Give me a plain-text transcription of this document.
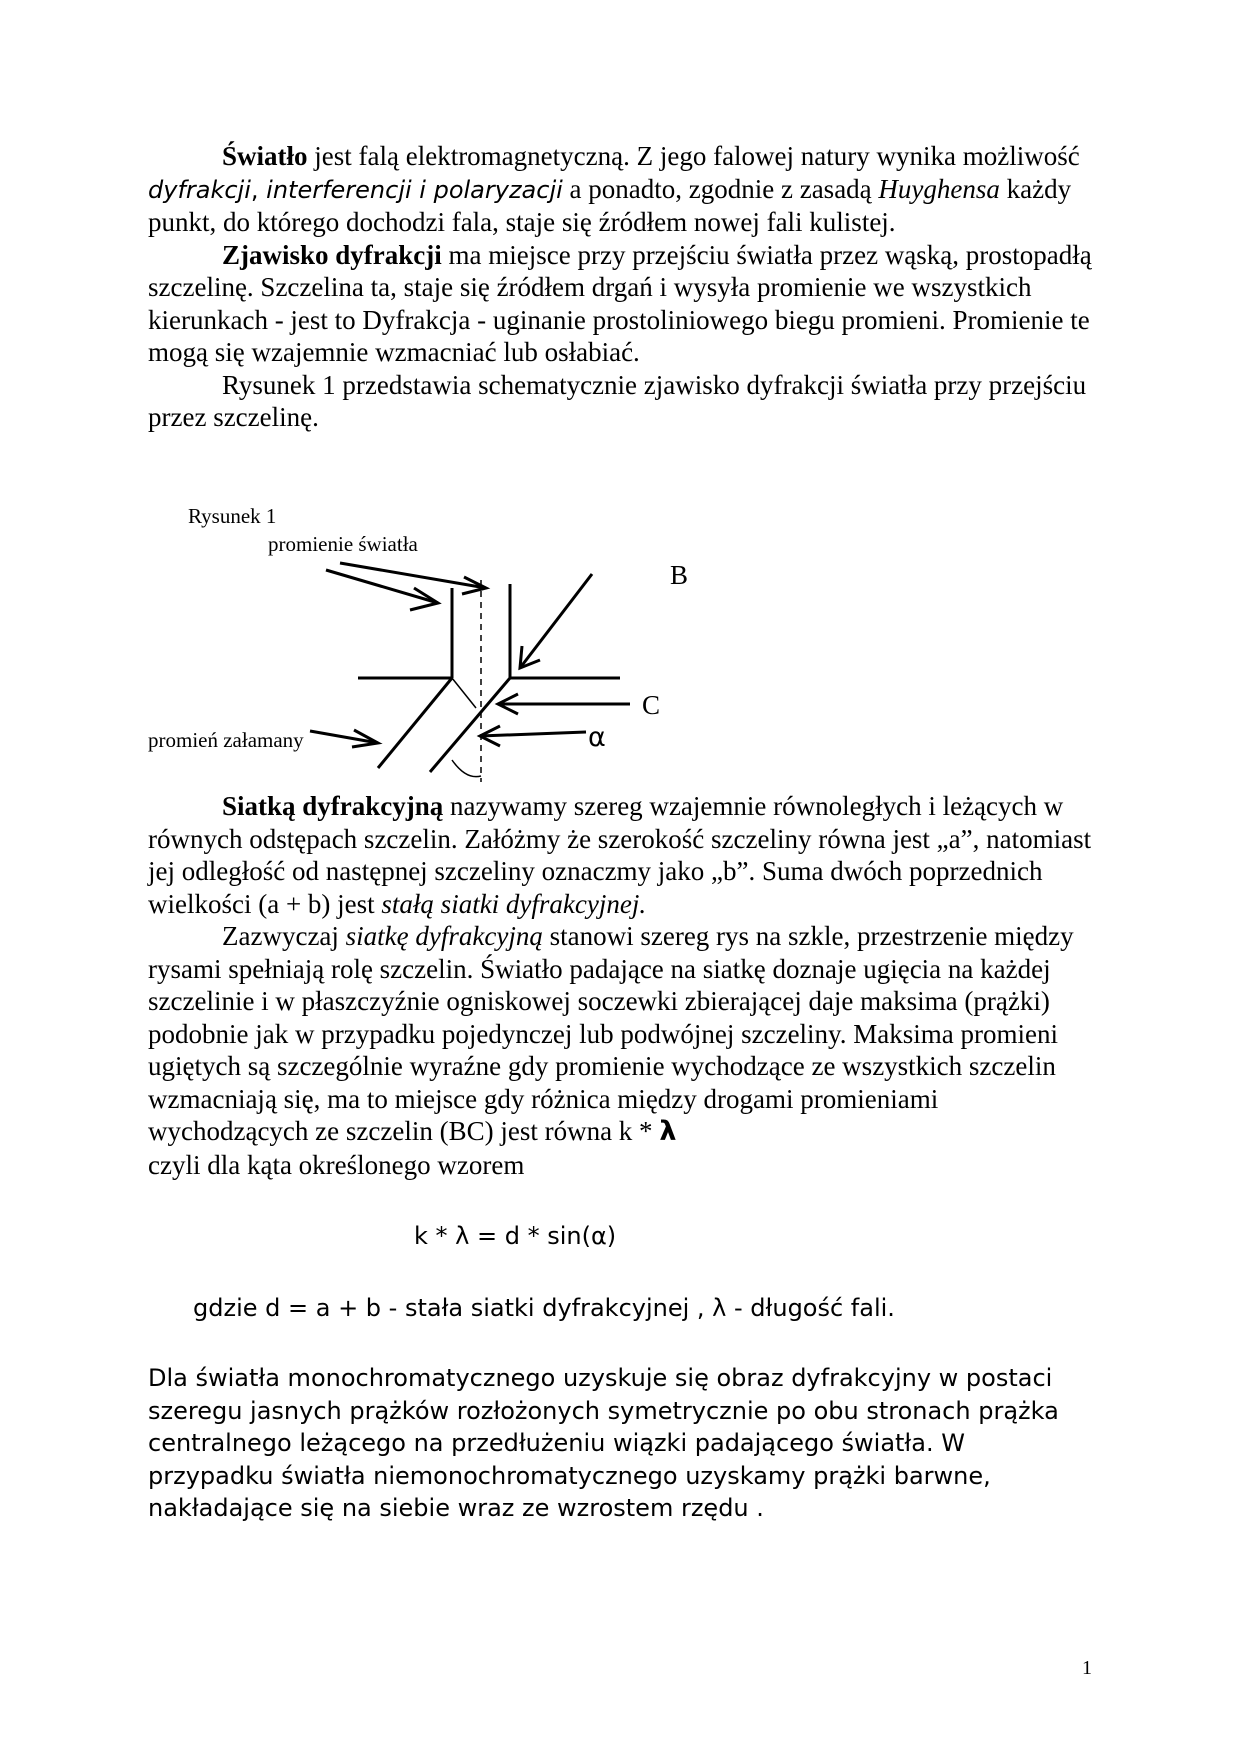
Światło jest falą elektromagnetyczną. Z jego falowej natury wynika możliwość dyfrakcji, interferencji i polaryzacji a ponadto, zgodnie z zasadą Huyghensa każdy punkt, do którego dochodzi fala, staje się źródłem nowej fali kulistej.

Zjawisko dyfrakcji ma miejsce przy przejściu światła przez wąską, prostopadłą szczelinę. Szczelina ta, staje się źródłem drgań i wysyła promienie we wszystkich kierunkach - jest to Dyfrakcja - uginanie prostoliniowego biegu promieni. Promienie te mogą się wzajemnie wzmacniać lub osłabiać.

Rysunek 1 przedstawia schematycznie zjawisko dyfrakcji światła przy przejściu przez szczelinę.

Rysunek 1
promienie światła
promień załamany
B
C
α

Siatką dyfrakcyjną nazywamy szereg wzajemnie równoległych i leżących w równych odstępach szczelin. Załóżmy że szerokość szczeliny równa jest „a”, natomiast jej odległość od następnej szczeliny oznaczmy jako „b”. Suma dwóch poprzednich wielkości (a + b) jest stałą siatki dyfrakcyjnej.

Zazwyczaj siatkę dyfrakcyjną stanowi szereg rys na szkle, przestrzenie między rysami spełniają rolę szczelin. Światło padające na siatkę doznaje ugięcia na każdej szczelinie i w płaszczyźnie ogniskowej soczewki zbierającej daje maksima (prążki) podobnie jak w przypadku pojedynczej lub podwójnej szczeliny. Maksima promieni ugiętych są szczególnie wyraźne gdy promienie wychodzące ze wszystkich szczelin wzmacniają się, ma to miejsce gdy różnica między drogami promieniami wychodzących ze szczelin (BC) jest równa k * λ
czyli dla kąta określonego wzorem

k * λ = d * sin(α)
gdzie d = a + b - stała siatki dyfrakcyjnej , λ - długość fali.

Dla światła monochromatycznego uzyskuje się obraz dyfrakcyjny w postaci szeregu jasnych prążków rozłożonych symetrycznie po obu stronach prążka centralnego leżącego na przedłużeniu wiązki padającego światła. W przypadku światła niemonochromatycznego uzyskamy prążki barwne, nakładające się na siebie wraz ze wzrostem rzędu .

1
